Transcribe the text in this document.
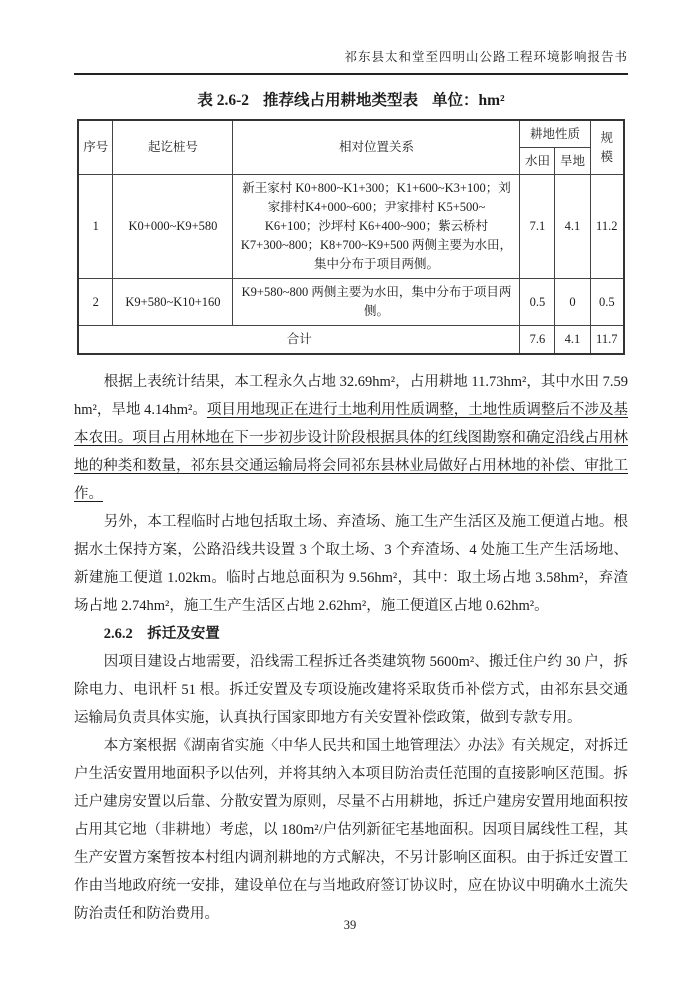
祁东县太和堂至四明山公路工程环境影响报告书
表 2.6-2 推荐线占用耕地类型表 单位：hm²
序号	起讫桩号	相对位置关系	耕地性质		规模
			水田	旱地	
1	K0+000~K9+580	新王家村 K0+800~K1+300；K1+600~K3+100；刘家排村K4+000~600；尹家排村 K5+500~ K6+100；沙坪村 K6+400~900；紫云桥村 K7+300~800；K8+700~K9+500 两侧主要为水田，集中分布于项目两侧。	7.1	4.1	11.2
2	K9+580~K10+160	K9+580~800 两侧主要为水田，集中分布于项目两侧。	0.5	0	0.5
合计			7.6	4.1	11.7

根据上表统计结果，本工程永久占地 32.69hm²，占用耕地 11.73hm²，其中水田 7.59hm²，旱地 4.14hm²。项目用地现正在进行土地利用性质调整，土地性质调整后不涉及基本农田。项目占用林地在下一步初步设计阶段根据具体的红线图勘察和确定沿线占用林地的种类和数量，祁东县交通运输局将会同祁东县林业局做好占用林地的补偿、审批工作。

另外，本工程临时占地包括取土场、弃渣场、施工生产生活区及施工便道占地。根据水土保持方案，公路沿线共设置 3 个取土场、3 个弃渣场、4 处施工生产生活场地、新建施工便道 1.02km。临时占地总面积为 9.56hm²，其中：取土场占地 3.58hm²，弃渣场占地 2.74hm²，施工生产生活区占地 2.62hm²，施工便道区占地 0.62hm²。

2.6.2　拆迁及安置

因项目建设占地需要，沿线需工程拆迁各类建筑物 5600m²、搬迁住户约 30 户，拆除电力、电讯杆 51 根。拆迁安置及专项设施改建将采取货币补偿方式，由祁东县交通运输局负责具体实施，认真执行国家即地方有关安置补偿政策，做到专款专用。

本方案根据《湖南省实施〈中华人民共和国土地管理法〉办法》有关规定，对拆迁户生活安置用地面积予以估列，并将其纳入本项目防治责任范围的直接影响区范围。拆迁户建房安置以后靠、分散安置为原则，尽量不占用耕地，拆迁户建房安置用地面积按占用其它地（非耕地）考虑，以 180m²/户估列新征宅基地面积。因项目属线性工程，其生产安置方案暂按本村组内调剂耕地的方式解决，不另计影响区面积。由于拆迁安置工作由当地政府统一安排，建设单位在与当地政府签订协议时，应在协议中明确水土流失防治责任和防治费用。

39
